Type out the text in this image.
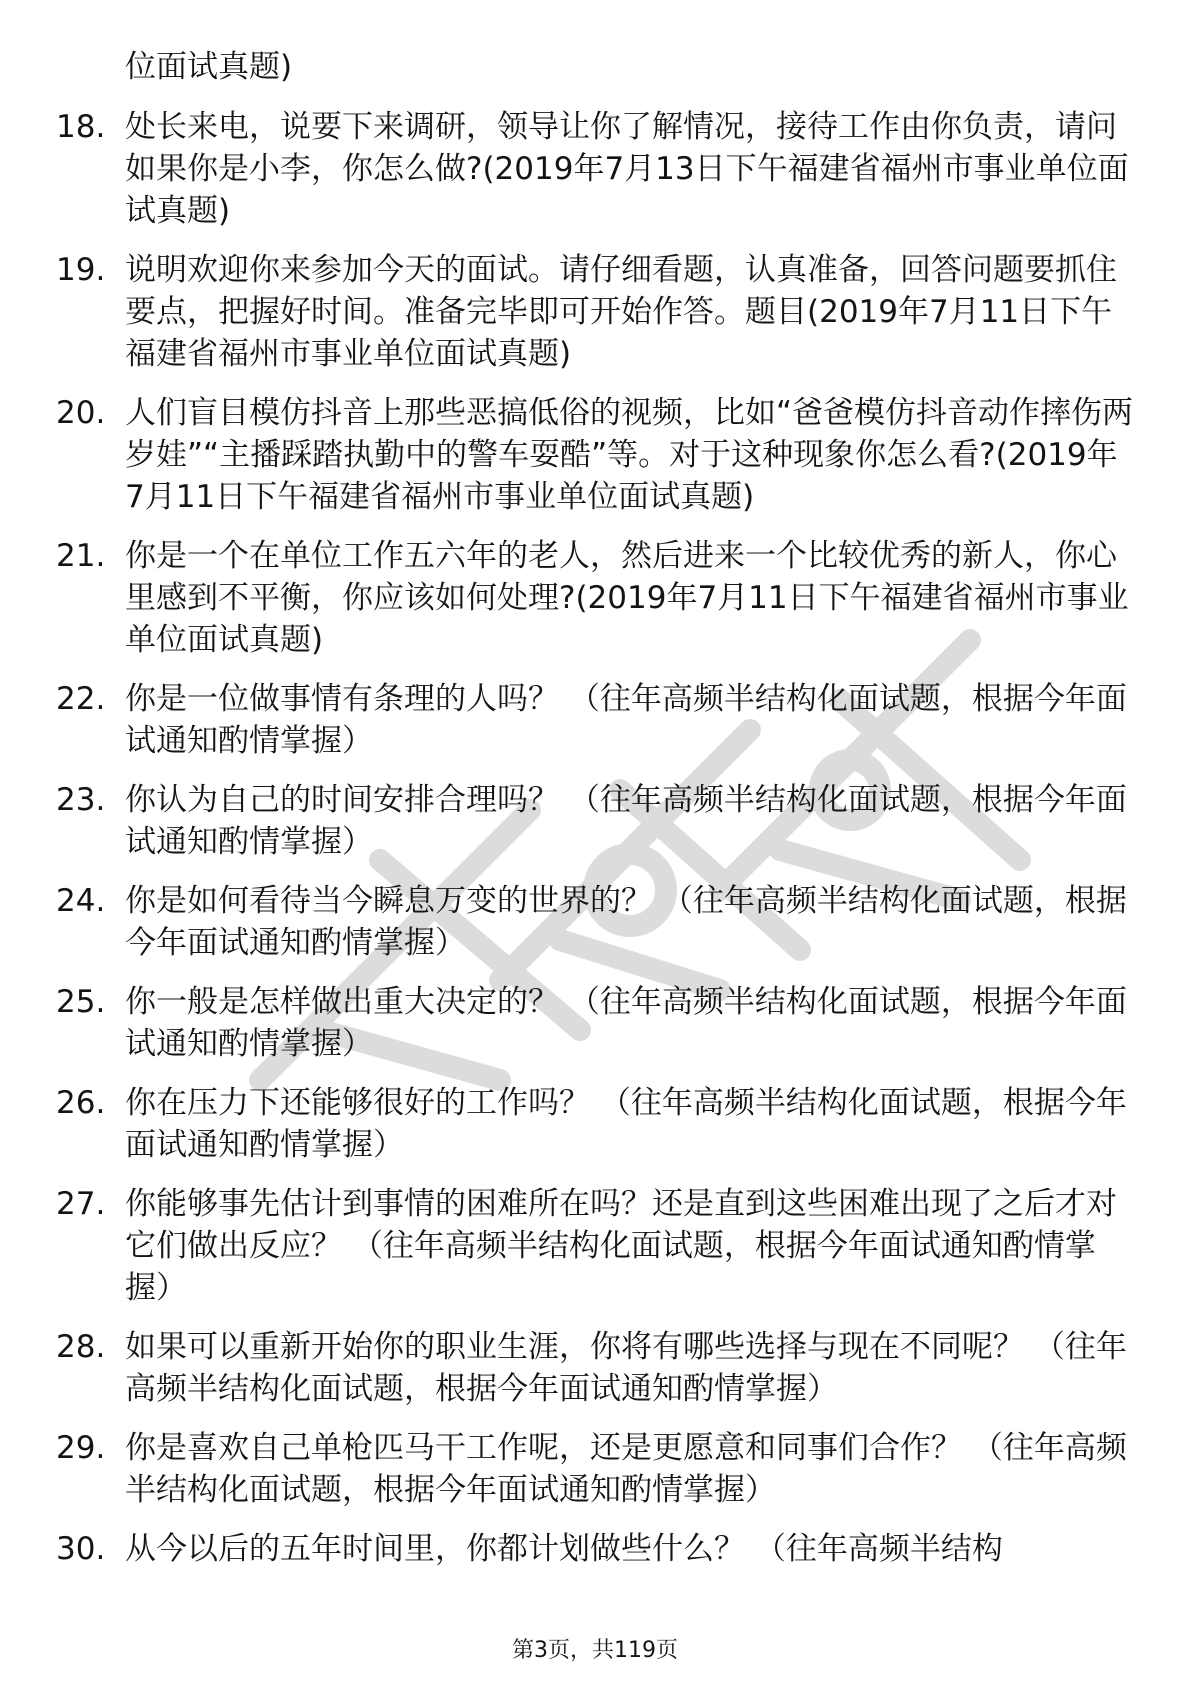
位面试真题)
18. 处长来电，说要下来调研，领导让你了解情况，接待工作由你负责，请问如果你是小李，你怎么做?(2019年7月13日下午福建省福州市事业单位面试真题)
19. 说明欢迎你来参加今天的面试。请仔细看题，认真准备，回答问题要抓住要点，把握好时间。准备完毕即可开始作答。题目(2019年7月11日下午福建省福州市事业单位面试真题)
20. 人们盲目模仿抖音上那些恶搞低俗的视频，比如“爸爸模仿抖音动作摔伤两岁娃”“主播踩踏执勤中的警车耍酷”等。对于这种现象你怎么看?(2019年7月11日下午福建省福州市事业单位面试真题)
21. 你是一个在单位工作五六年的老人，然后进来一个比较优秀的新人，你心里感到不平衡，你应该如何处理?(2019年7月11日下午福建省福州市事业单位面试真题)
22. 你是一位做事情有条理的人吗？ （往年高频半结构化面试题，根据今年面试通知酌情掌握）
23. 你认为自己的时间安排合理吗？ （往年高频半结构化面试题，根据今年面试通知酌情掌握）
24. 你是如何看待当今瞬息万变的世界的？ （往年高频半结构化面试题，根据今年面试通知酌情掌握）
25. 你一般是怎样做出重大决定的？ （往年高频半结构化面试题，根据今年面试通知酌情掌握）
26. 你在压力下还能够很好的工作吗？ （往年高频半结构化面试题，根据今年面试通知酌情掌握）
27. 你能够事先估计到事情的困难所在吗？还是直到这些困难出现了之后才对它们做出反应？ （往年高频半结构化面试题，根据今年面试通知酌情掌握）
28. 如果可以重新开始你的职业生涯，你将有哪些选择与现在不同呢？ （往年高频半结构化面试题，根据今年面试通知酌情掌握）
29. 你是喜欢自己单枪匹马干工作呢，还是更愿意和同事们合作？ （往年高频半结构化面试题，根据今年面试通知酌情掌握）
30. 从今以后的五年时间里，你都计划做些什么？ （往年高频半结构
第3页，共119页
